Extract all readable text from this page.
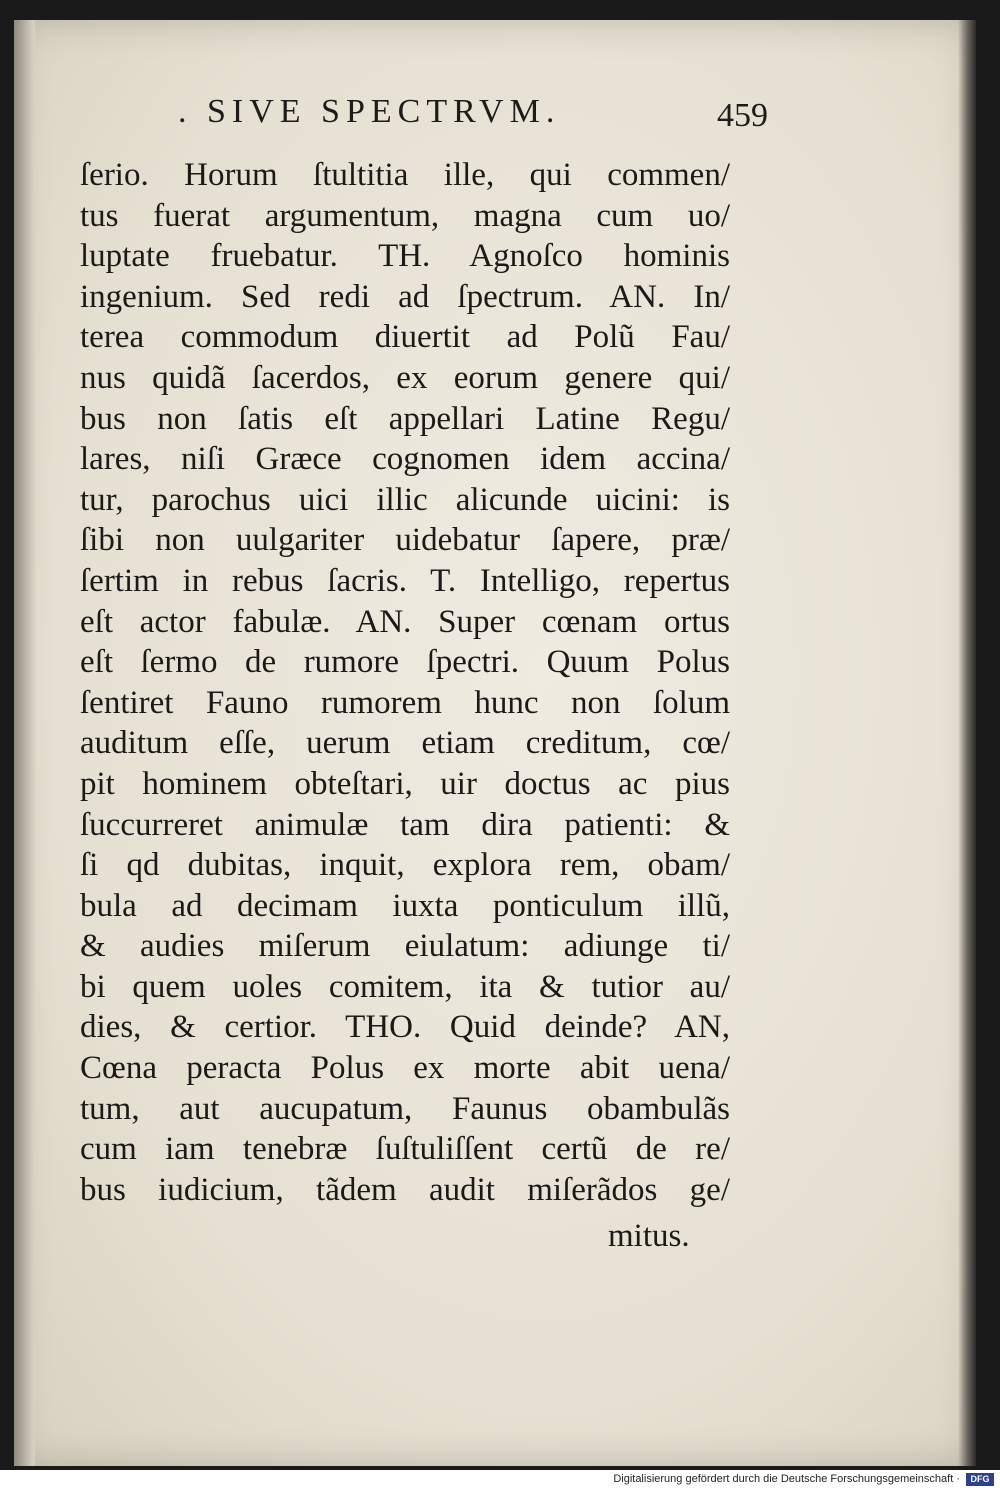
. SIVE SPECTRVM.	459
ſerio. Horum ſtultitia ille, qui commen/
tus fuerat argumentum, magna cum uo/
luptate fruebatur. TH. Agnoſco hominis
ingenium. Sed redi ad ſpectrum. AN. In/
terea commodum diuertit ad Polũ Fau/
nus quidã ſacerdos, ex eorum genere qui/
bus non ſatis eſt appellari Latine Regu/
lares, niſi Græce cognomen idem accina/
tur, parochus uici illic alicunde uicini: is
ſibi non uulgariter uidebatur ſapere, præ/
ſertim in rebus ſacris. T. Intelligo, repertus
eſt actor fabulæ. AN. Super cœnam ortus
eſt ſermo de rumore ſpectri. Quum Polus
ſentiret Fauno rumorem hunc non ſolum
auditum eſſe, uerum etiam creditum, cœ/
pit hominem obteſtari, uir doctus ac pius
ſuccurreret animulæ tam dira patienti: &
ſi qd dubitas, inquit, explora rem, obam/
bula ad decimam iuxta ponticulum illũ,
& audies miſerum eiulatum: adiunge ti/
bi quem uoles comitem, ita & tutior au/
dies, & certior. THO. Quid deinde? AN,
Cœna peracta Polus ex morte abit uena/
tum, aut aucupatum, Faunus obambulãs
cum iam tenebræ ſuſtuliſſent certũ de re/
bus iudicium, tãdem audit miſerãdos ge/
mitus.
Digitalisierung gefördert durch die Deutsche Forschungsgemeinschaft ·	DFG
